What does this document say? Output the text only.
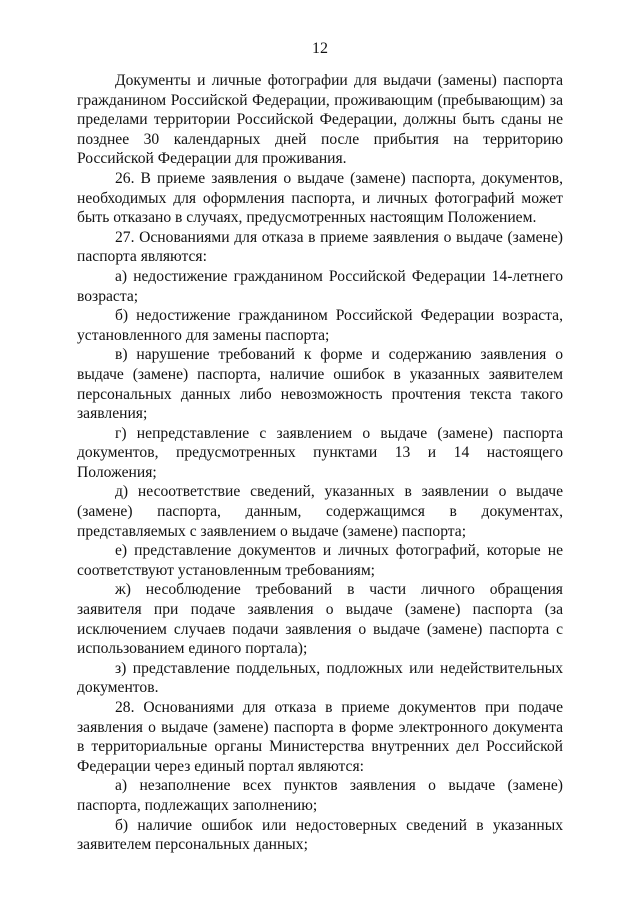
12

Документы и личные фотографии для выдачи (замены) паспорта гражданином Российской Федерации, проживающим (пребывающим) за пределами территории Российской Федерации, должны быть сданы не позднее 30 календарных дней после прибытия на территорию Российской Федерации для проживания.

26. В приеме заявления о выдаче (замене) паспорта, документов, необходимых для оформления паспорта, и личных фотографий может быть отказано в случаях, предусмотренных настоящим Положением.

27. Основаниями для отказа в приеме заявления о выдаче (замене) паспорта являются:

а) недостижение гражданином Российской Федерации 14-летнего возраста;

б) недостижение гражданином Российской Федерации возраста, установленного для замены паспорта;

в) нарушение требований к форме и содержанию заявления о выдаче (замене) паспорта, наличие ошибок в указанных заявителем персональных данных либо невозможность прочтения текста такого заявления;

г) непредставление с заявлением о выдаче (замене) паспорта документов, предусмотренных пунктами 13 и 14 настоящего Положения;

д) несоответствие сведений, указанных в заявлении о выдаче (замене) паспорта, данным, содержащимся в документах, представляемых с заявлением о выдаче (замене) паспорта;

е) представление документов и личных фотографий, которые не соответствуют установленным требованиям;

ж) несоблюдение требований в части личного обращения заявителя при подаче заявления о выдаче (замене) паспорта (за исключением случаев подачи заявления о выдаче (замене) паспорта с использованием единого портала);

з) представление поддельных, подложных или недействительных документов.

28. Основаниями для отказа в приеме документов при подаче заявления о выдаче (замене) паспорта в форме электронного документа в территориальные органы Министерства внутренних дел Российской Федерации через единый портал являются:

а) незаполнение всех пунктов заявления о выдаче (замене) паспорта, подлежащих заполнению;

б) наличие ошибок или недостоверных сведений в указанных заявителем персональных данных;
